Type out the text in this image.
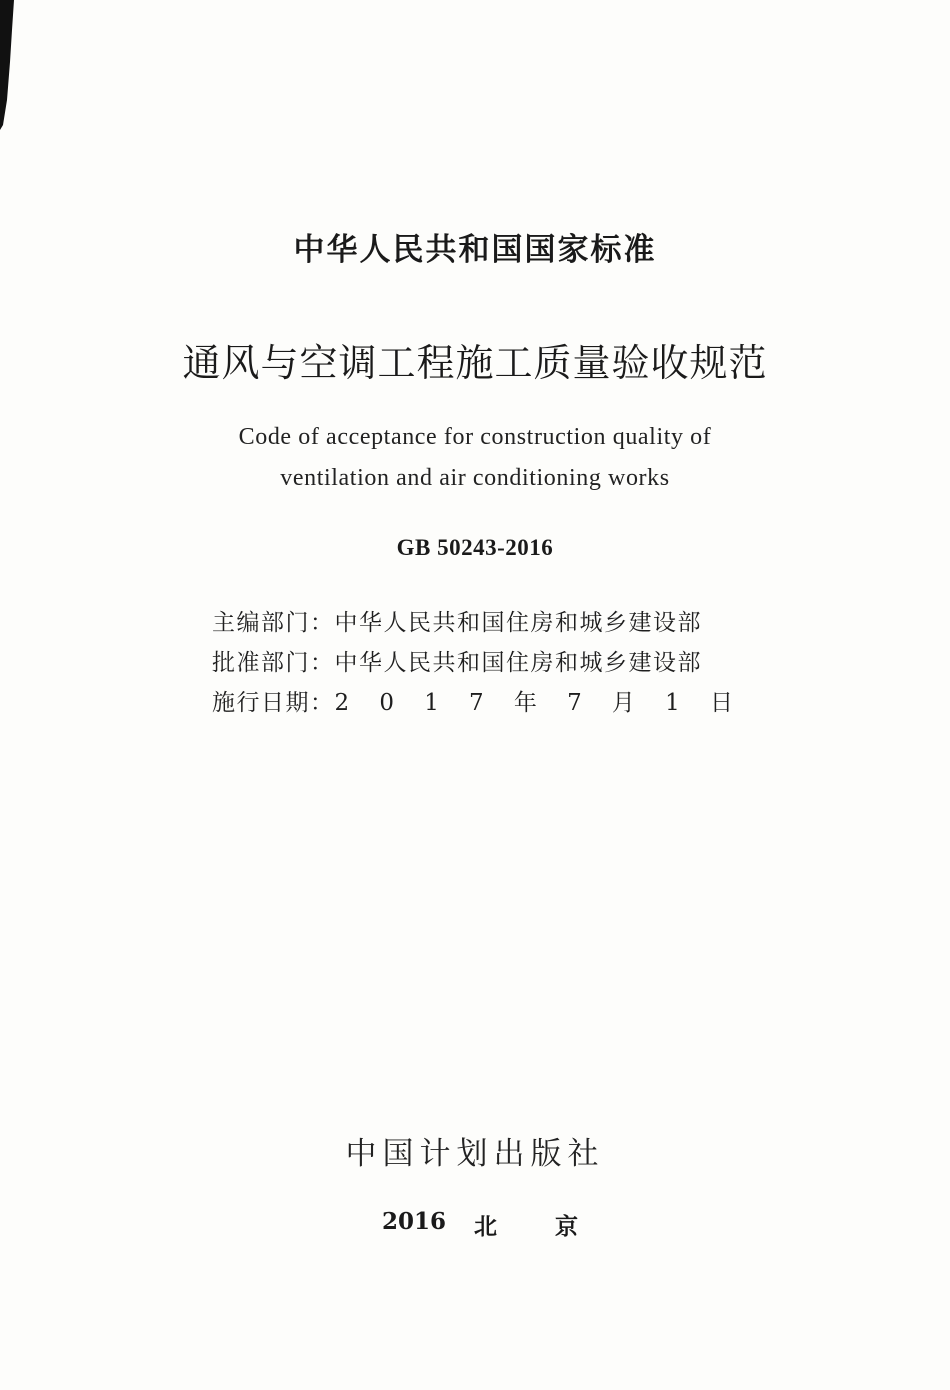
中华人民共和国国家标准
通风与空调工程施工质量验收规范
Code of acceptance for construction quality of
ventilation and air conditioning works
GB 50243-2016
主编部门： 中华人民共和国住房和城乡建设部
批准部门： 中华人民共和国住房和城乡建设部
施行日期： 2 0 1 7 年 7 月 1 日
中国计划出版社
2016 北京
